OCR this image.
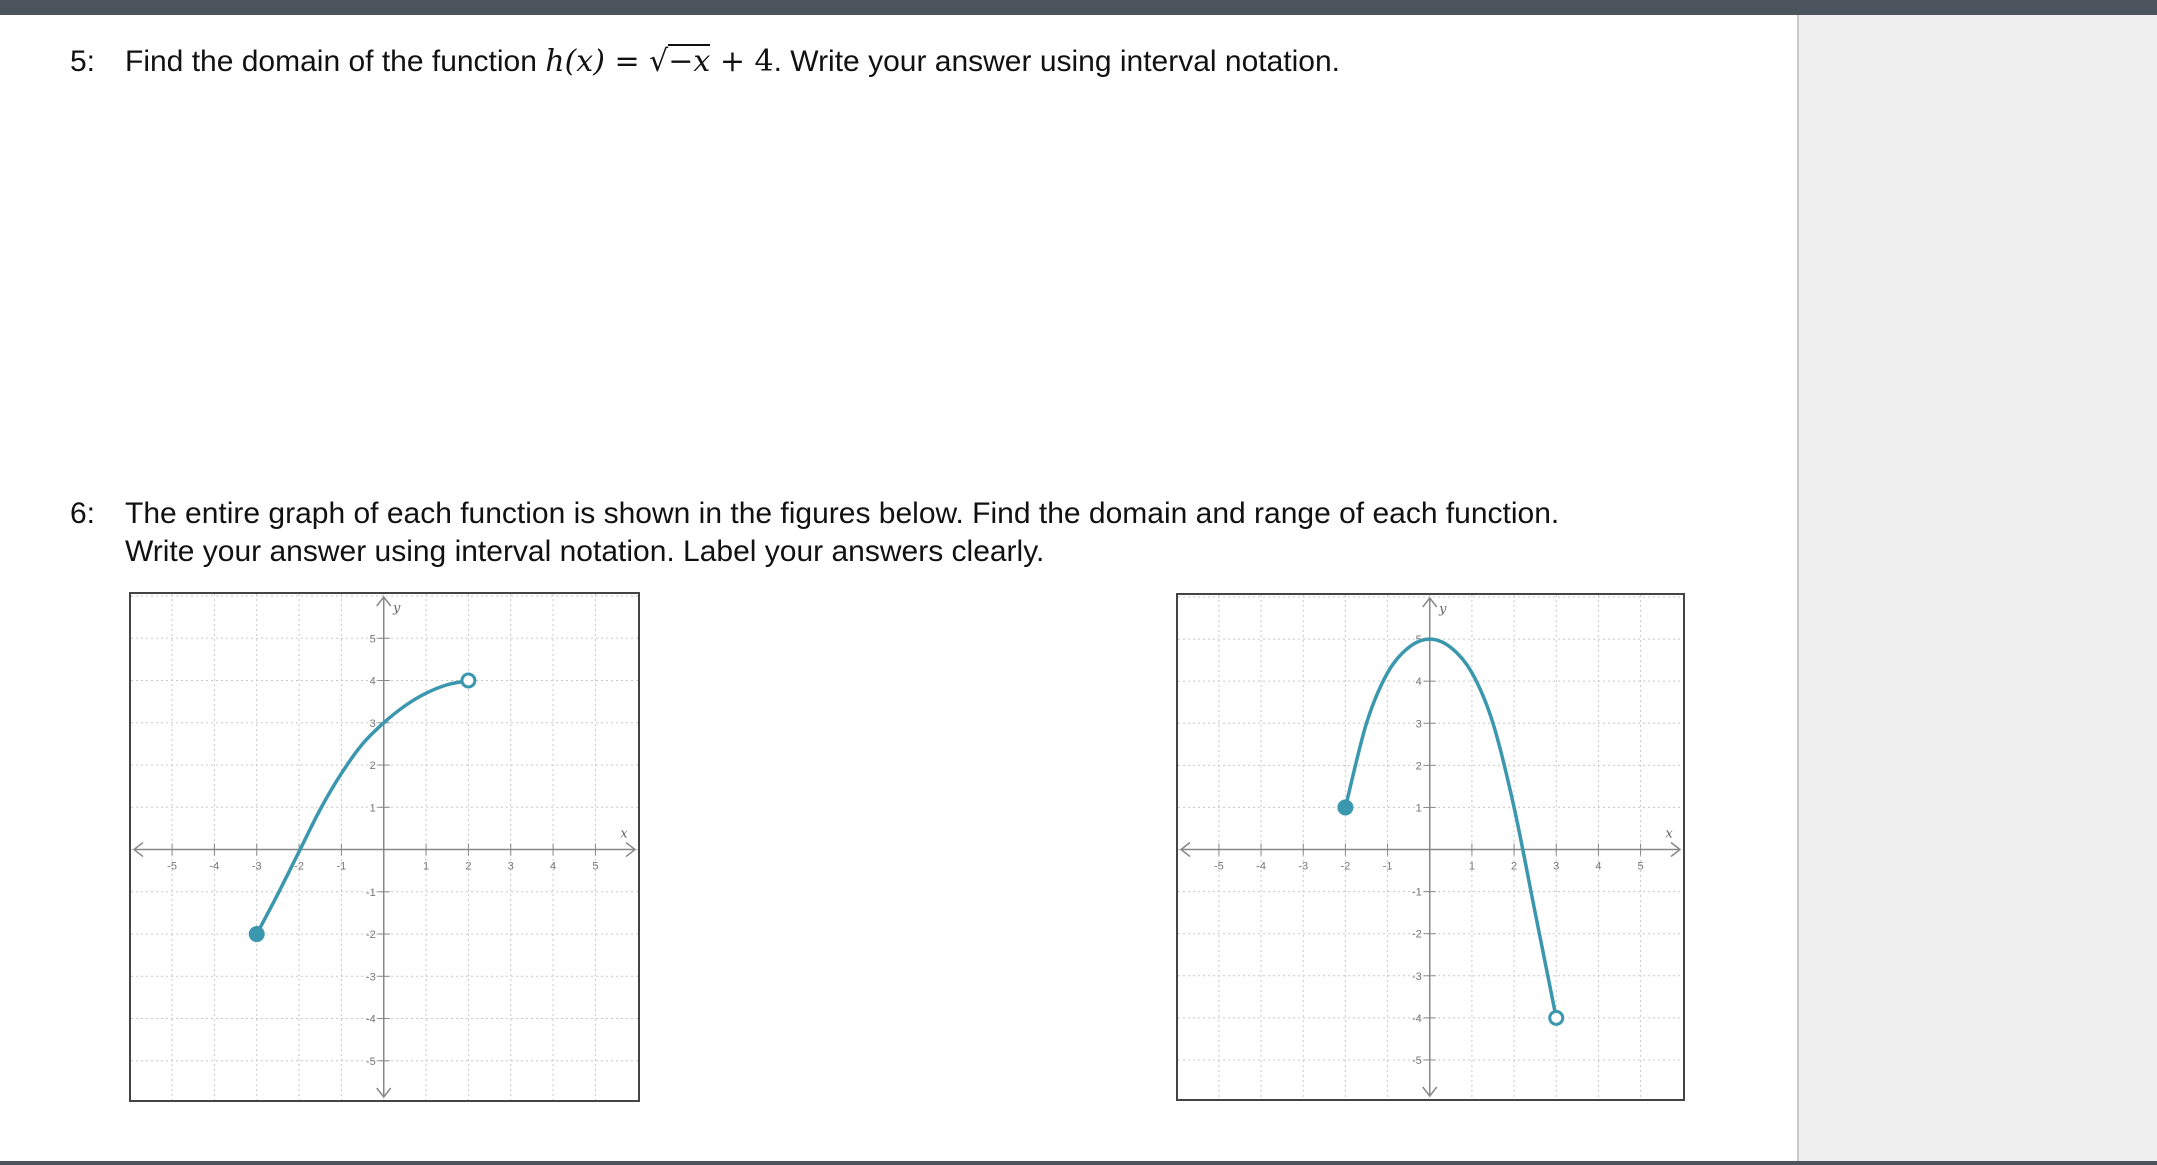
5: Find the domain of the function h(x) = √−x + 4. Write your answer using interval notation.
6: The entire graph of each function is shown in the figures below. Find the domain and range of each function.
Write your answer using interval notation. Label your answers clearly.
-5	-4	-3	-2	-1	1	2	3	4	5
5
4
3
2
1
-1
-2
-3
-4
-5
x
y
-5	-4	-3	-2	-1	1	2	3	4	5
5
4
3
2
1
-1
-2
-3
-4
-5
x
y
